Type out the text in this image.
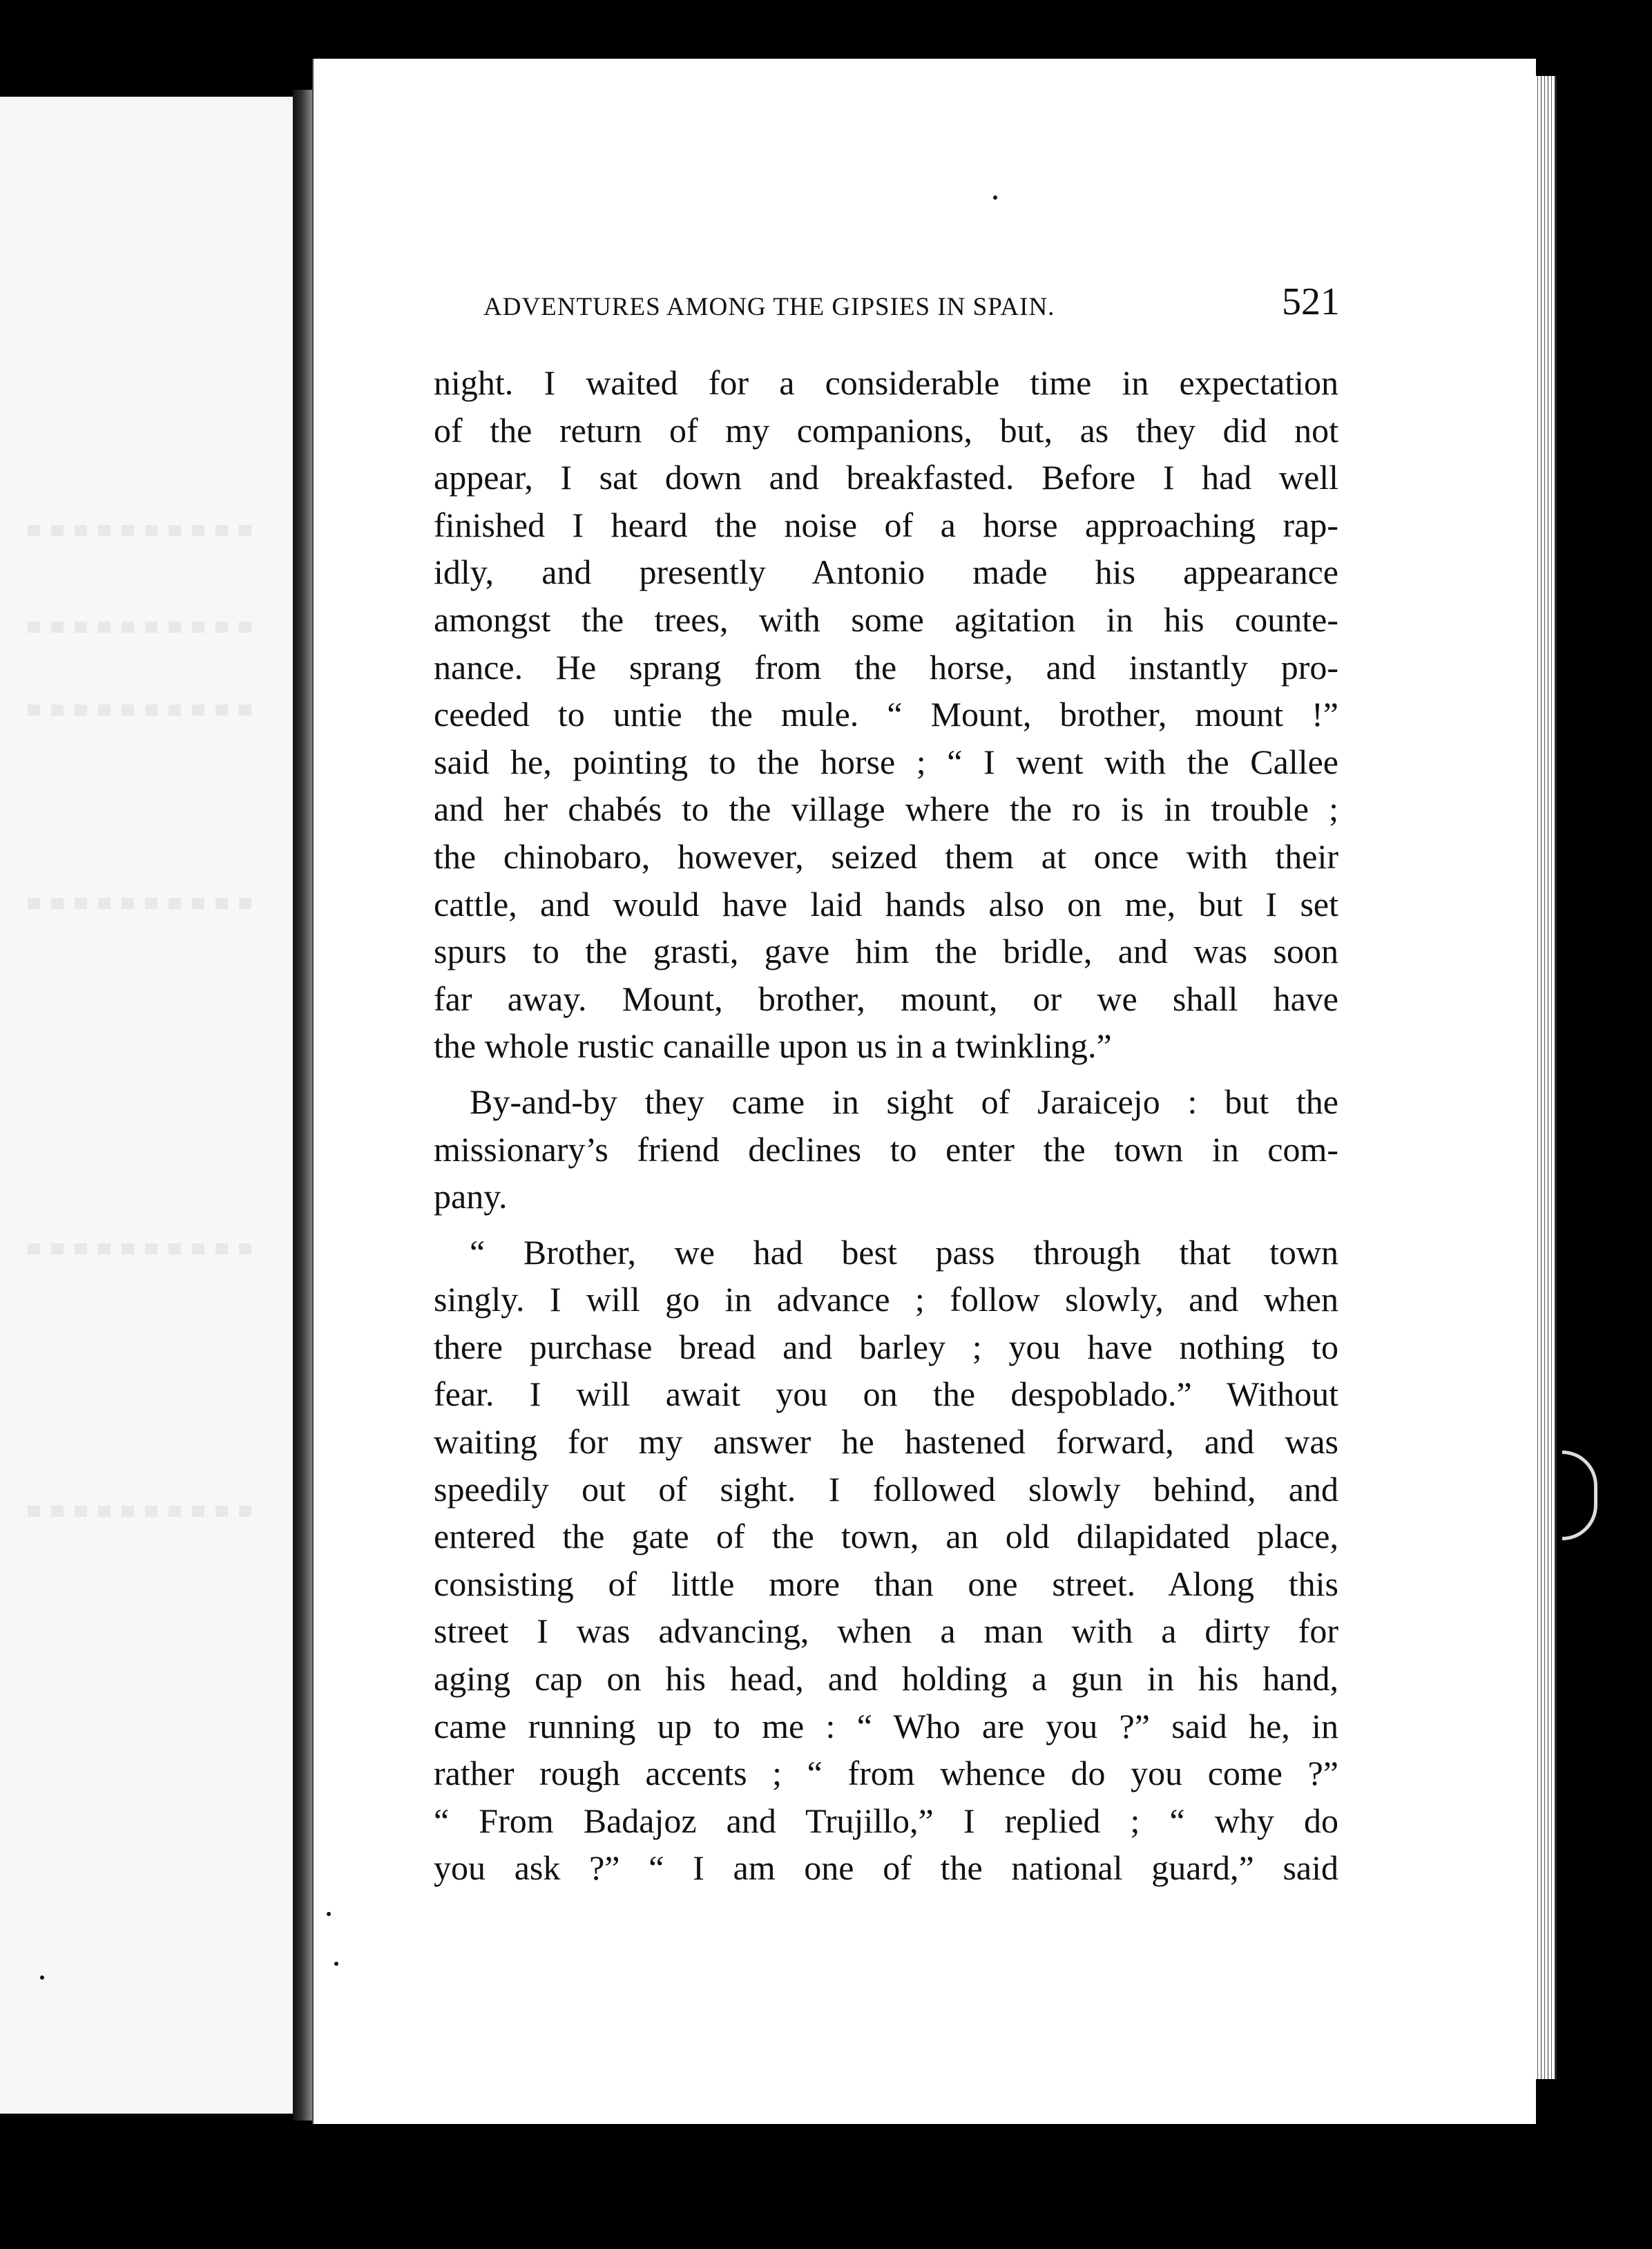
ADVENTURES AMONG THE GIPSIES IN SPAIN.	521
night. I waited for a considerable time in expectation
of the return of my companions, but, as they did not
appear, I sat down and breakfasted. Before I had well
finished I heard the noise of a horse approaching rap-
idly, and presently Antonio made his appearance
amongst the trees, with some agitation in his counte-
nance. He sprang from the horse, and instantly pro-
ceeded to untie the mule. “ Mount, brother, mount !”
said he, pointing to the horse ; “ I went with the Callee
and her chabés to the village where the ro is in trouble ;
the chinobaro, however, seized them at once with their
cattle, and would have laid hands also on me, but I set
spurs to the grasti, gave him the bridle, and was soon
far away. Mount, brother, mount, or we shall have
the whole rustic canaille upon us in a twinkling.”
By-and-by they came in sight of Jaraicejo : but the
missionary’s friend declines to enter the town in com-
pany.
“ Brother, we had best pass through that town
singly. I will go in advance ; follow slowly, and when
there purchase bread and barley ; you have nothing to
fear. I will await you on the despoblado.” Without
waiting for my answer he hastened forward, and was
speedily out of sight. I followed slowly behind, and
entered the gate of the town, an old dilapidated place,
consisting of little more than one street. Along this
street I was advancing, when a man with a dirty for
aging cap on his head, and holding a gun in his hand,
came running up to me : “ Who are you ?” said he, in
rather rough accents ; “ from whence do you come ?”
“ From Badajoz and Trujillo,” I replied ; “ why do
you ask ?” “ I am one of the national guard,” said
